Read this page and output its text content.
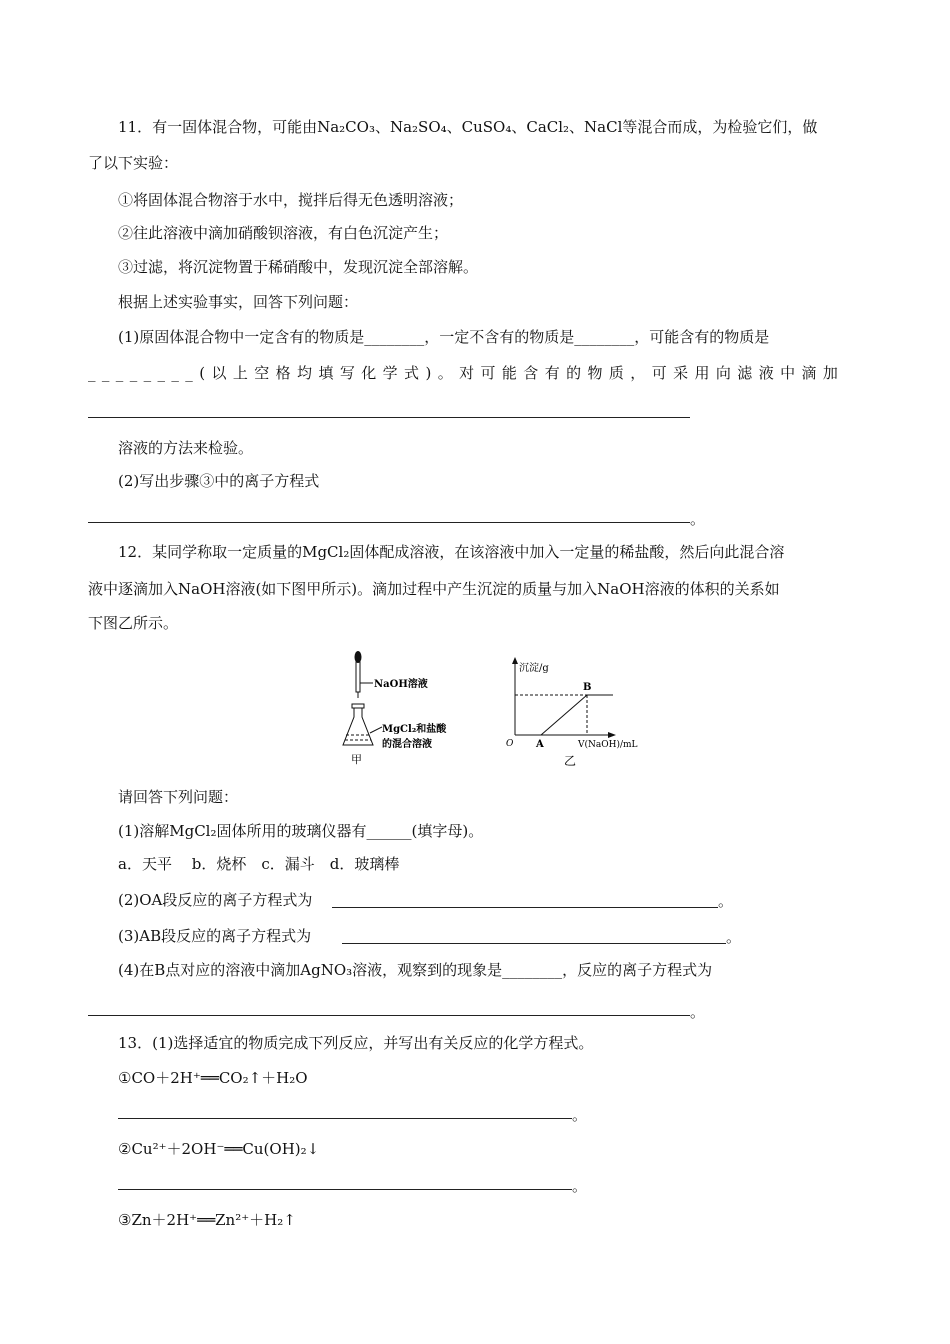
11．有一固体混合物，可能由Na₂CO₃、Na₂SO₄、CuSO₄、CaCl₂、NaCl等混合而成，为检验它们，做
了以下实验：
①将固体混合物溶于水中，搅拌后得无色透明溶液；
②往此溶液中滴加硝酸钡溶液，有白色沉淀产生；
③过滤，将沉淀物置于稀硝酸中，发现沉淀全部溶解。
根据上述实验事实，回答下列问题：
(1)原固体混合物中一定含有的物质是________，一定不含有的物质是________，可能含有的物质是
________(以上空格均填写化学式)。对可能含有的物质，可采用向滤液中滴加
溶液的方法来检验。
(2)写出步骤③中的离子方程式
。
12．某同学称取一定质量的MgCl₂固体配成溶液，在该溶液中加入一定量的稀盐酸，然后向此混合溶
液中逐滴加入NaOH溶液(如下图甲所示)。滴加过程中产生沉淀的质量与加入NaOH溶液的体积的关系如
下图乙所示。
NaOH溶液
MgCl₂和盐酸
的混合溶液
甲
沉淀/g
O A
B
V(NaOH)/mL
乙
请回答下列问题：
(1)溶解MgCl₂固体所用的玻璃仪器有______(填字母)。
a．天平　 b．烧杯　c．漏斗　d．玻璃棒
(2)OA段反应的离子方程式为	。
(3)AB段反应的离子方程式为	。
(4)在B点对应的溶液中滴加AgNO₃溶液，观察到的现象是________，反应的离子方程式为
。
13．(1)选择适宜的物质完成下列反应，并写出有关反应的化学方程式。
①CO＋2H⁺══CO₂↑＋H₂O
。
②Cu²⁺＋2OH⁻══Cu(OH)₂↓
。
③Zn＋2H⁺══Zn²⁺＋H₂↑
